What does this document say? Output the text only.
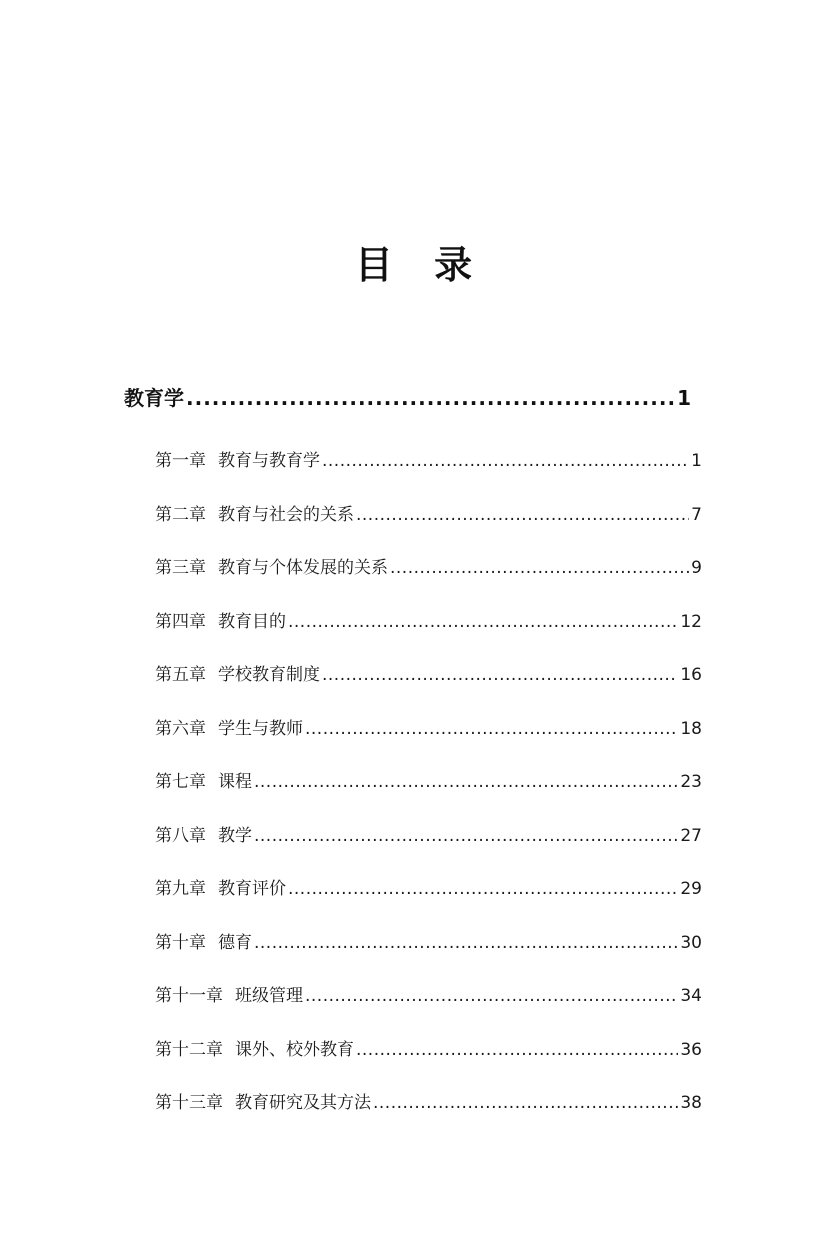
目 录
教育学 .....	1
第一章 教育与教育学 .....	1
第二章 教育与社会的关系 .....	7
第三章 教育与个体发展的关系 .....	9
第四章 教育目的 .....	12
第五章 学校教育制度 .....	16
第六章 学生与教师 .....	18
第七章 课程 .....	23
第八章 教学 .....	27
第九章 教育评价 .....	29
第十章 德育 .....	30
第十一章 班级管理 .....	34
第十二章 课外、校外教育 .....	36
第十三章 教育研究及其方法 .....	38
